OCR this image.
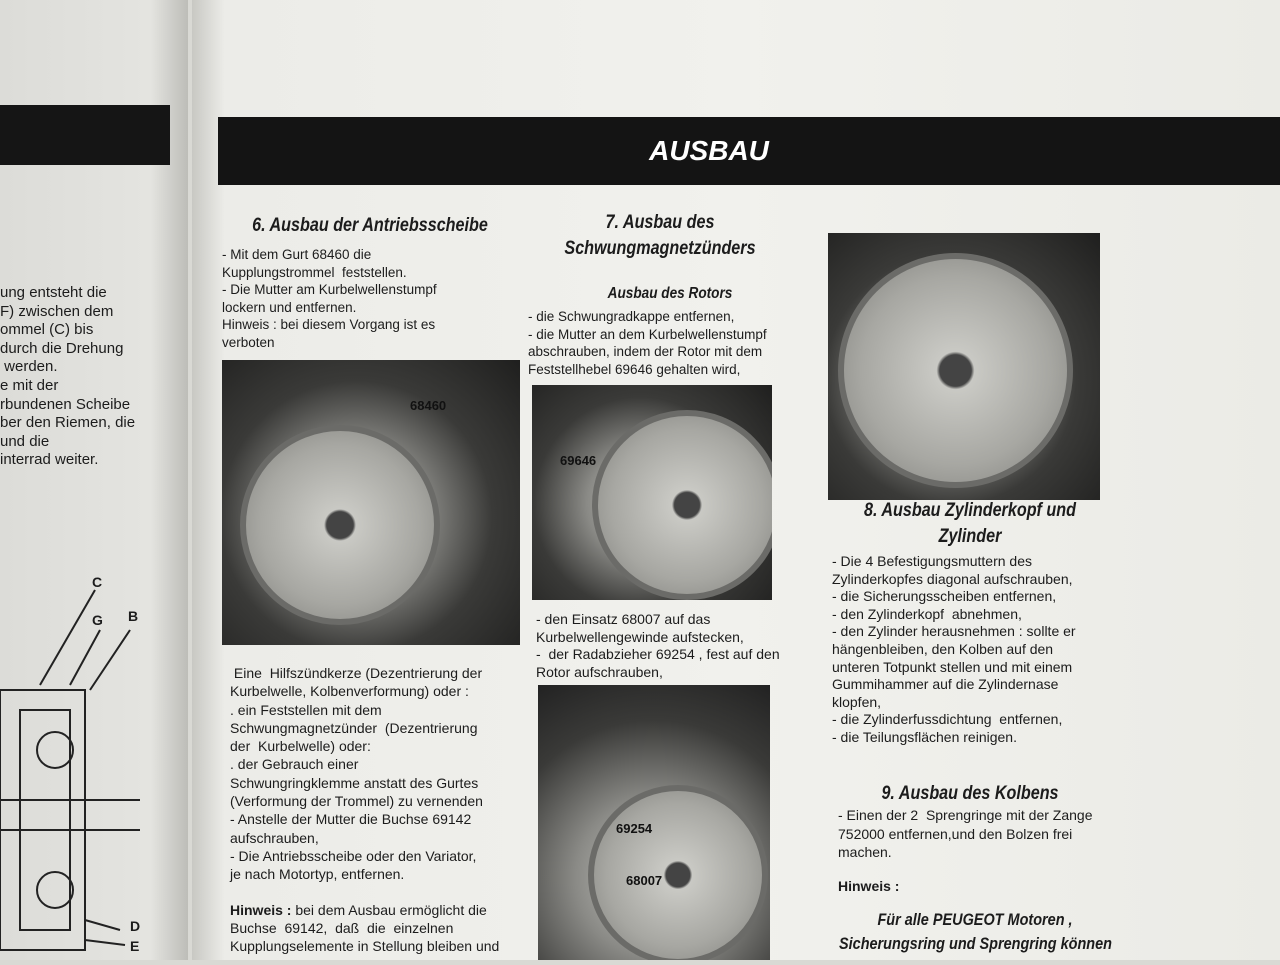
ung entsteht die
F) zwischen dem
ommel (C) bis
durch die Drehung
werden.
e mit der
rbundenen Scheibe
ber den Riemen, die
und die
interrad weiter.
C
G B
D
E
AUSBAU
6. Ausbau der Antriebsscheibe
- Mit dem Gurt 68460 die
Kupplungstrommel  feststellen.
- Die Mutter am Kurbelwellenstumpf
lockern und entfernen.
Hinweis : bei diesem Vorgang ist es
verboten
68460
Eine  Hilfszündkerze (Dezentrierung der
Kurbelwelle, Kolbenverformung) oder :
. ein Feststellen mit dem
Schwungmagnetzünder  (Dezentrierung
der  Kurbelwelle) oder:
. der Gebrauch einer
Schwungringklemme anstatt des Gurtes
(Verformung der Trommel) zu vernenden
- Anstelle der Mutter die Buchse 69142
aufschrauben,
- Die Antriebsscheibe oder den Variator,
je nach Motortyp, entfernen.
Hinweis : bei dem Ausbau ermöglicht die
Buchse  69142,  daß  die  einzelnen
Kupplungselemente in Stellung bleiben und
7. Ausbau des
Schwungmagnetzünders
Ausbau des Rotors
- die Schwungradkappe entfernen,
- die Mutter an dem Kurbelwellenstumpf
abschrauben, indem der Rotor mit dem
Feststellhebel 69646 gehalten wird,
69646
- den Einsatz 68007 auf das
Kurbelwellengewinde aufstecken,
-  der Radabzieher 69254 , fest auf den
Rotor aufschrauben,
69254
68007
8. Ausbau Zylinderkopf und
Zylinder
- Die 4 Befestigungsmuttern des
Zylinderkopfes diagonal aufschrauben,
- die Sicherungsscheiben entfernen,
- den Zylinderkopf  abnehmen,
- den Zylinder herausnehmen : sollte er
hängenbleiben, den Kolben auf den
unteren Totpunkt stellen und mit einem
Gummihammer auf die Zylindernase
klopfen,
- die Zylinderfussdichtung  entfernen,
- die Teilungsflächen reinigen.
9. Ausbau des Kolbens
- Einen der 2  Sprengringe mit der Zange
752000 entfernen,und den Bolzen frei
machen.
Hinweis :
Für alle PEUGEOT Motoren ,
Sicherungsring und Sprengring können
